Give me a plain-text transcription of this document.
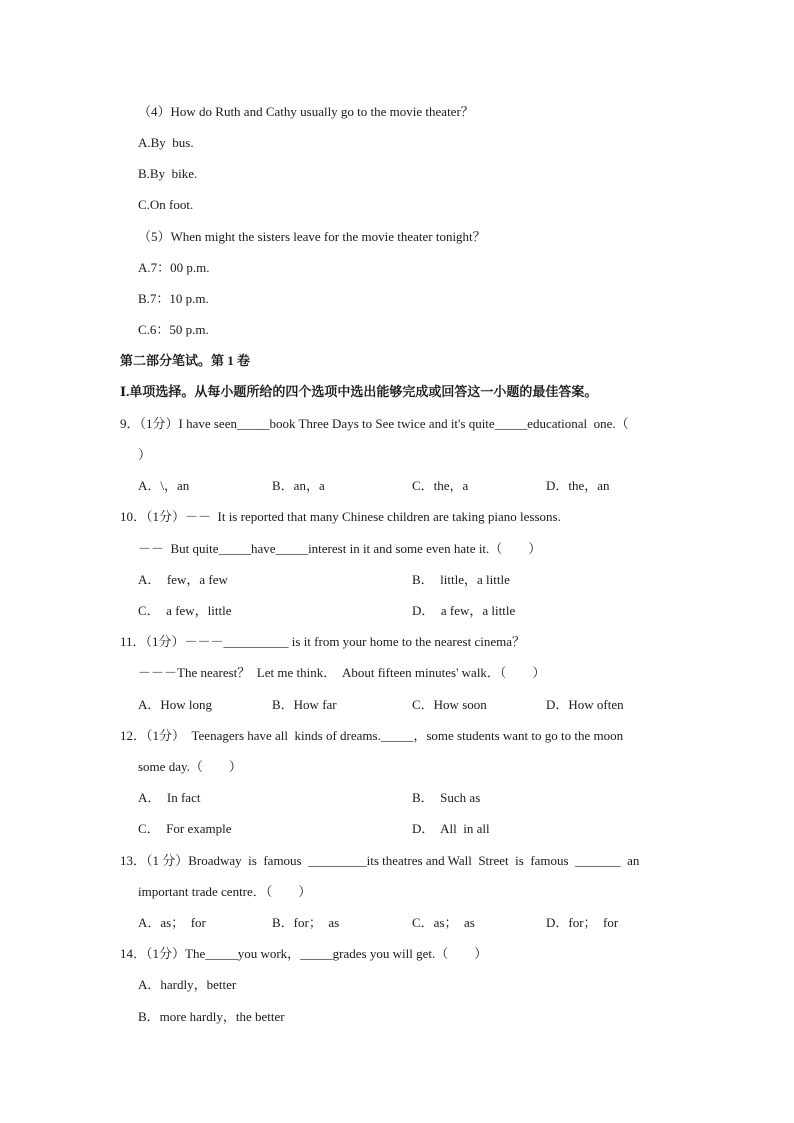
（4）How do Ruth and Cathy usually go to the movie theater？
A.By  bus.
B.By  bike.
C.On foot.
（5）When might the sisters leave for the movie theater tonight？
A.7：00 p.m.
B.7：10 p.m.
C.6：50 p.m.
第二部分笔试。第 1 卷
Ⅰ.单项选择。从每小题所给的四个选项中选出能够完成或回答这一小题的最佳答案。
9．（1分）I have seen_____book Three Days to See twice and it's quite_____educational  one.（
）
A．\，an	B．an，a	C．the，a	D．the，an
10．（1分）－－  It is reported that many Chinese children are taking piano lessons.
－－  But quite_____have_____interest in it and some even hate it.（　　）
A．  few，a few	B．  little，a little
C．  a few，little	D．  a few，a little
11．（1分）－－－__________ is it from your home to the nearest cinema？
－－－The nearest？  Let me think．  About fifteen minutes' walk．（　　）
A．How long	B．How far	C．How soon	D．How often
12．（1分）  Teenagers have all  kinds of dreams._____，some students want to go to the moon
some day.（　　）
A．  In fact	B．  Such as
C．  For example	D．  All  in all
13．（1 分）Broadway  is  famous  _________its theatres and Wall  Street  is  famous  _______  an
important trade centre．（　　）
A．as；  for	B．for；  as	C．as；  as	D．for；  for
14．（1分）The_____you work，_____grades you will get.（　　）
A．hardly，better
B．more hardly，the better
